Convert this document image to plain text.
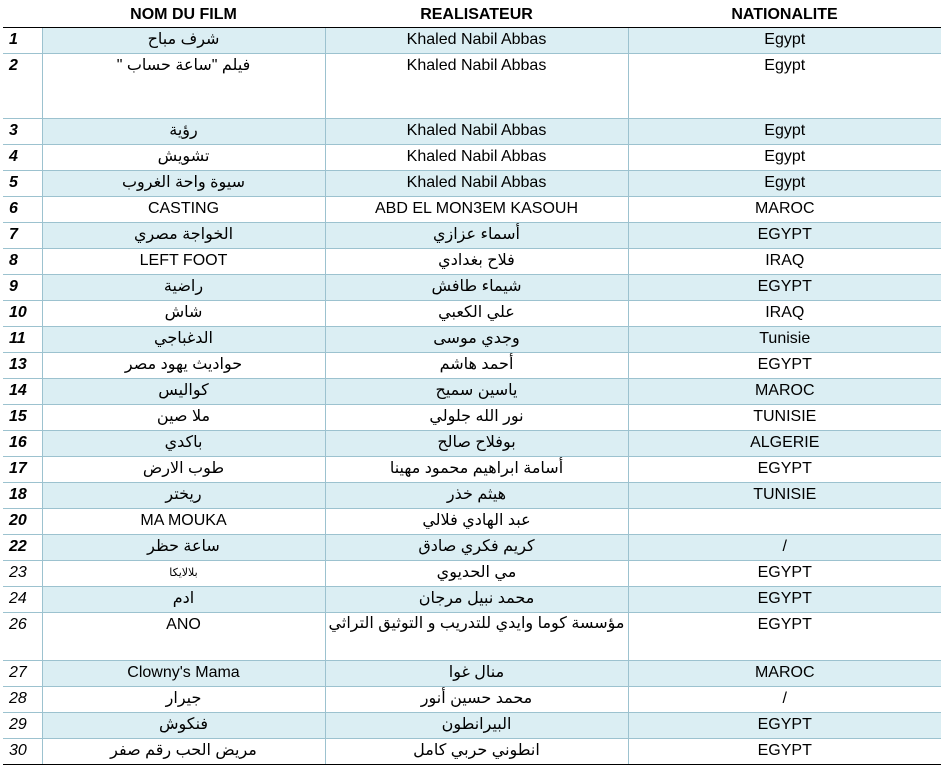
	NOM DU FILM	REALISATEUR	NATIONALITE
1	شرف مباح	Khaled Nabil Abbas	Egypt
2	فيلم "ساعة حساب "	Khaled Nabil Abbas	Egypt
3	رؤية	Khaled Nabil Abbas	Egypt
4	تشويش	Khaled Nabil Abbas	Egypt
5	سيوة واحة الغروب	Khaled Nabil Abbas	Egypt
6	CASTING	ABD EL MON3EM KASOUH	MAROC
7	الخواجة مصري	أسماء عزازي	EGYPT
8	LEFT FOOT	فلاح بغدادي	IRAQ
9	راضية	شيماء طافش	EGYPT
10	شاش	علي الكعبي	IRAQ
11	الدغباجي	وجدي موسى	Tunisie
13	حواديث يهود مصر	أحمد هاشم	EGYPT
14	كواليس	ياسين سميح	MAROC
15	ملا صين	نور الله جلولي	TUNISIE
16	باكدي	بوفلاح صالح	ALGERIE
17	طوب الارض	أسامة ابراهيم محمود مهينا	EGYPT
18	ريختر	هيثم خذر	TUNISIE
20	MA MOUKA	عبد الهادي فلالي	
22	ساعة حظر	كريم فكري صادق	/
23	بلالايكا	مي الحديوي	EGYPT
24	ادم	محمد نبيل مرجان	EGYPT
26	ANO	مؤسسة كوما وايدي للتدريب و التوثيق التراثي	EGYPT
27	Clowny's Mama	منال غوا	MAROC
28	جيرار	محمد حسين أنور	/
29	فنكوش	البيرانطون	EGYPT
30	مريض الحب رقم صفر	انطوني حربي كامل	EGYPT
